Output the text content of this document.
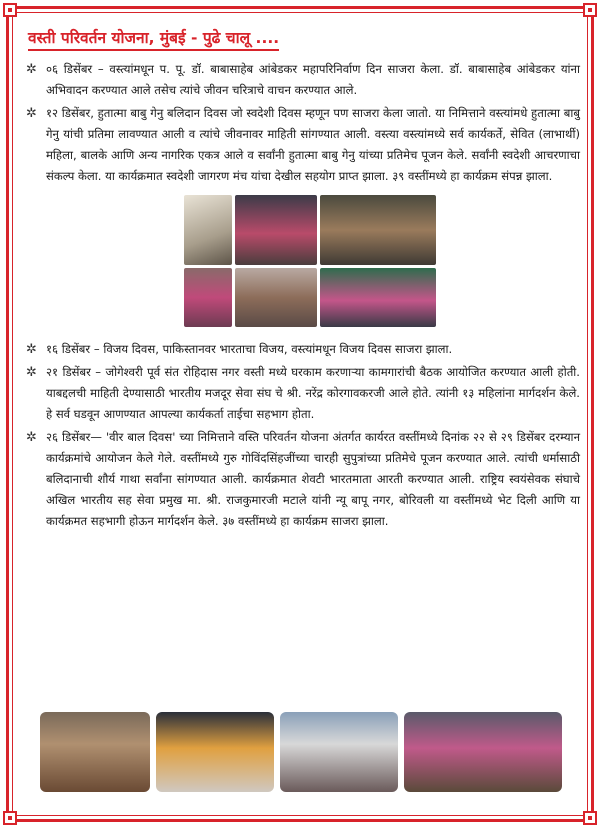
वस्ती परिवर्तन योजना, मुंबई - पुढे चालू ....
✲ ०६ डिसेंबर – वस्त्यांमधून प. पू. डॉ. बाबासाहेब आंबेडकर महापरिनिर्वाण दिन साजरा केला. डॉ. बाबासाहेब आंबेडकर यांना अभिवादन करण्यात आले तसेच त्यांचे जीवन चरित्राचे वाचन करण्यात आले.
✲ १२ डिसेंबर, हुतात्मा बाबु गेनु बलिदान दिवस जो स्वदेशी दिवस म्हणून पण साजरा केला जातो. या निमित्ताने वस्त्यांमधे हुतात्मा बाबु गेनु यांची प्रतिमा लावण्यात आली व त्यांचे जीवनावर माहिती सांगण्यात आली. वस्त्या वस्त्यांमध्ये सर्व कार्यकर्ते, सेवित (लाभार्थी) महिला, बालके आणि अन्य नागरिक एकत्र आले व सर्वांनी हुतात्मा बाबु गेनु यांच्या प्रतिमेच पूजन केले. सर्वांनी स्वदेशी आचरणाचा संकल्प केला. या कार्यक्रमात स्वदेशी जागरण मंच यांचा देखील सहयोग प्राप्त झाला. ३९ वस्तींमध्ये हा कार्यक्रम संपन्न झाला.
✲ १६ डिसेंबर – विजय दिवस, पाकिस्तानवर भारताचा विजय, वस्त्यांमधून विजय दिवस साजरा झाला.
✲ २१ डिसेंबर – जोगेश्वरी पूर्व संत रोहिदास नगर वस्ती मध्ये घरकाम करणाऱ्या कामगारांची बैठक आयोजित करण्यात आली होती. याबद्दलची माहिती देण्यासाठी भारतीय मजदूर सेवा संघ चे श्री. नरेंद्र कोरगावकरजी आले होते. त्यांनी १३ महिलांना मार्गदर्शन केले. हे सर्व घडवून आणण्यात आपल्या कार्यकर्ता ताईचा सहभाग होता.
✲ २६ डिसेंबर— 'वीर बाल दिवस' च्या निमित्ताने वस्ति परिवर्तन योजना अंतर्गत कार्यरत वस्तींमध्ये दिनांक २२ से २९ डिसेंबर दरम्यान कार्यक्रमांचे आयोजन केले गेले. वस्तींमध्ये गुरु गोविंदसिंहजींच्या चारही सुपुत्रांच्या प्रतिमेचे पूजन करण्यात आले. त्यांची धर्मासाठी बलिदानाची शौर्य गाथा सर्वांना सांगण्यात आली. कार्यक्रमात शेवटी भारतमाता आरती करण्यात आली. राष्ट्रिय स्वयंसेवक संघाचे अखिल भारतीय सह सेवा प्रमुख मा. श्री. राजकुमारजी मटाले यांनी न्यू बापू नगर, बोरिवली या वस्तींमध्ये भेट दिली आणि या कार्यक्रमत सहभागी होऊन मार्गदर्शन केले. ३७ वस्तींमध्ये हा कार्यक्रम साजरा झाला.
